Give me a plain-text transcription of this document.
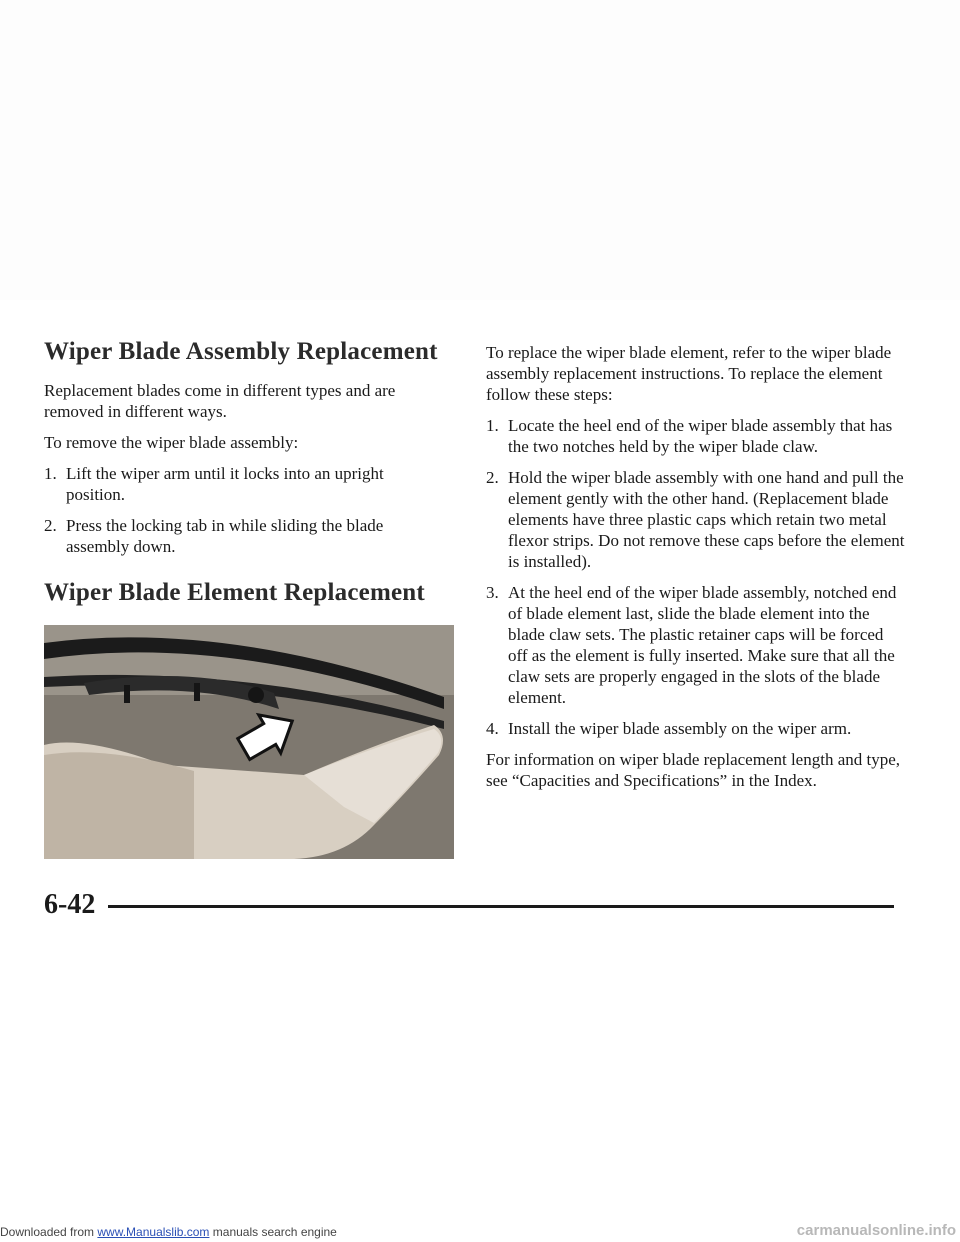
Wiper Blade Assembly Replacement

Replacement blades come in different types and are removed in different ways.

To remove the wiper blade assembly:

1. Lift the wiper arm until it locks into an upright position.
2. Press the locking tab in while sliding the blade assembly down.
Wiper Blade Element Replacement

To replace the wiper blade element, refer to the wiper blade assembly replacement instructions. To replace the element follow these steps:

1. Locate the heel end of the wiper blade assembly that has the two notches held by the wiper blade claw.
2. Hold the wiper blade assembly with one hand and pull the element gently with the other hand. (Replacement blade elements have three plastic caps which retain two metal flexor strips. Do not remove these caps before the element is installed).
3. At the heel end of the wiper blade assembly, notched end of blade element last, slide the blade element into the blade claw sets. The plastic retainer caps will be forced off as the element is fully inserted. Make sure that all the claw sets are properly engaged in the slots of the blade element.
4. Install the wiper blade assembly on the wiper arm.

For information on wiper blade replacement length and type, see “Capacities and Specifications” in the Index.

6-42
Downloaded from www.Manualslib.com manuals search engine	carmanualsonline.info
